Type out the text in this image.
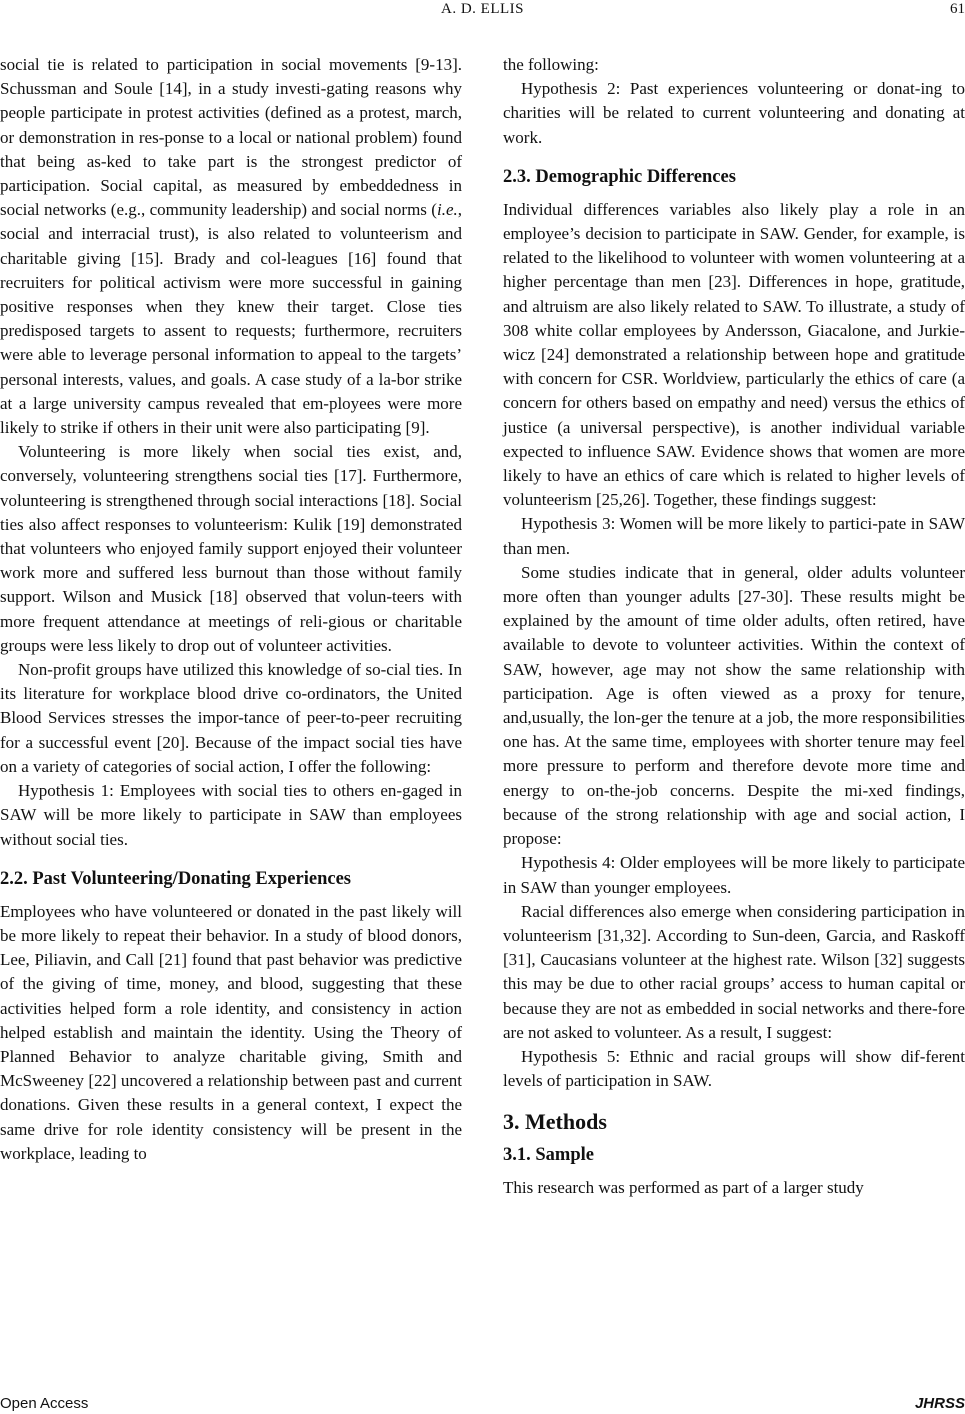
A. D. ELLIS	61

social tie is related to participation in social movements [9-13]. Schussman and Soule [14], in a study investi-gating reasons why people participate in protest activities (defined as a protest, march, or demonstration in res-ponse to a local or national problem) found that being as-ked to take part is the strongest predictor of participation. Social capital, as measured by embeddedness in social networks (e.g., community leadership) and social norms (i.e., social and interracial trust), is also related to volunteerism and charitable giving [15]. Brady and col-leagues [16] found that recruiters for political activism were more successful in gaining positive responses when they knew their target. Close ties predisposed targets to assent to requests; furthermore, recruiters were able to leverage personal information to appeal to the targets’ personal interests, values, and goals. A case study of a la-bor strike at a large university campus revealed that em-ployees were more likely to strike if others in their unit were also participating [9].

Volunteering is more likely when social ties exist, and, conversely, volunteering strengthens social ties [17]. Furthermore, volunteering is strengthened through social interactions [18]. Social ties also affect responses to volunteerism: Kulik [19] demonstrated that volunteers who enjoyed family support enjoyed their volunteer work more and suffered less burnout than those without family support. Wilson and Musick [18] observed that volun-teers with more frequent attendance at meetings of reli-gious or charitable groups were less likely to drop out of volunteer activities.

Non-profit groups have utilized this knowledge of so-cial ties. In its literature for workplace blood drive co-ordinators, the United Blood Services stresses the impor-tance of peer-to-peer recruiting for a successful event [20]. Because of the impact social ties have on a variety of categories of social action, I offer the following:

Hypothesis 1: Employees with social ties to others en-gaged in SAW will be more likely to participate in SAW than employees without social ties.

2.2. Past Volunteering/Donating Experiences

Employees who have volunteered or donated in the past likely will be more likely to repeat their behavior. In a study of blood donors, Lee, Piliavin, and Call [21] found that past behavior was predictive of the giving of time, money, and blood, suggesting that these activities helped form a role identity, and consistency in action helped establish and maintain the identity. Using the Theory of Planned Behavior to analyze charitable giving, Smith and McSweeney [22] uncovered a relationship between past and current donations. Given these results in a general context, I expect the same drive for role identity consistency will be present in the workplace, leading to

the following:

Hypothesis 2: Past experiences volunteering or donat-ing to charities will be related to current volunteering and donating at work.

2.3. Demographic Differences

Individual differences variables also likely play a role in an employee’s decision to participate in SAW. Gender, for example, is related to the likelihood to volunteer with women volunteering at a higher percentage than men [23]. Differences in hope, gratitude, and altruism are also likely related to SAW. To illustrate, a study of 308 white collar employees by Andersson, Giacalone, and Jurkie-wicz [24] demonstrated a relationship between hope and gratitude with concern for CSR. Worldview, particularly the ethics of care (a concern for others based on empathy and need) versus the ethics of justice (a universal perspective), is another individual variable expected to influence SAW. Evidence shows that women are more likely to have an ethics of care which is related to higher levels of volunteerism [25,26]. Together, these findings suggest:

Hypothesis 3: Women will be more likely to partici-pate in SAW than men.

Some studies indicate that in general, older adults volunteer more often than younger adults [27-30]. These results might be explained by the amount of time older adults, often retired, have available to devote to volunteer activities. Within the context of SAW, however, age may not show the same relationship with participation. Age is often viewed as a proxy for tenure, and,usually, the lon-ger the tenure at a job, the more responsibilities one has. At the same time, employees with shorter tenure may feel more pressure to perform and therefore devote more time and energy to on-the-job concerns. Despite the mi-xed findings, because of the strong relationship with age and social action, I propose:

Hypothesis 4: Older employees will be more likely to participate in SAW than younger employees.

Racial differences also emerge when considering participation in volunteerism [31,32]. According to Sun-deen, Garcia, and Raskoff [31], Caucasians volunteer at the highest rate. Wilson [32] suggests this may be due to other racial groups’ access to human capital or because they are not as embedded in social networks and there-fore are not asked to volunteer. As a result, I suggest:

Hypothesis 5: Ethnic and racial groups will show dif-ferent levels of participation in SAW.

3. Methods
3.1. Sample

This research was performed as part of a larger study

Open Access	JHRSS
